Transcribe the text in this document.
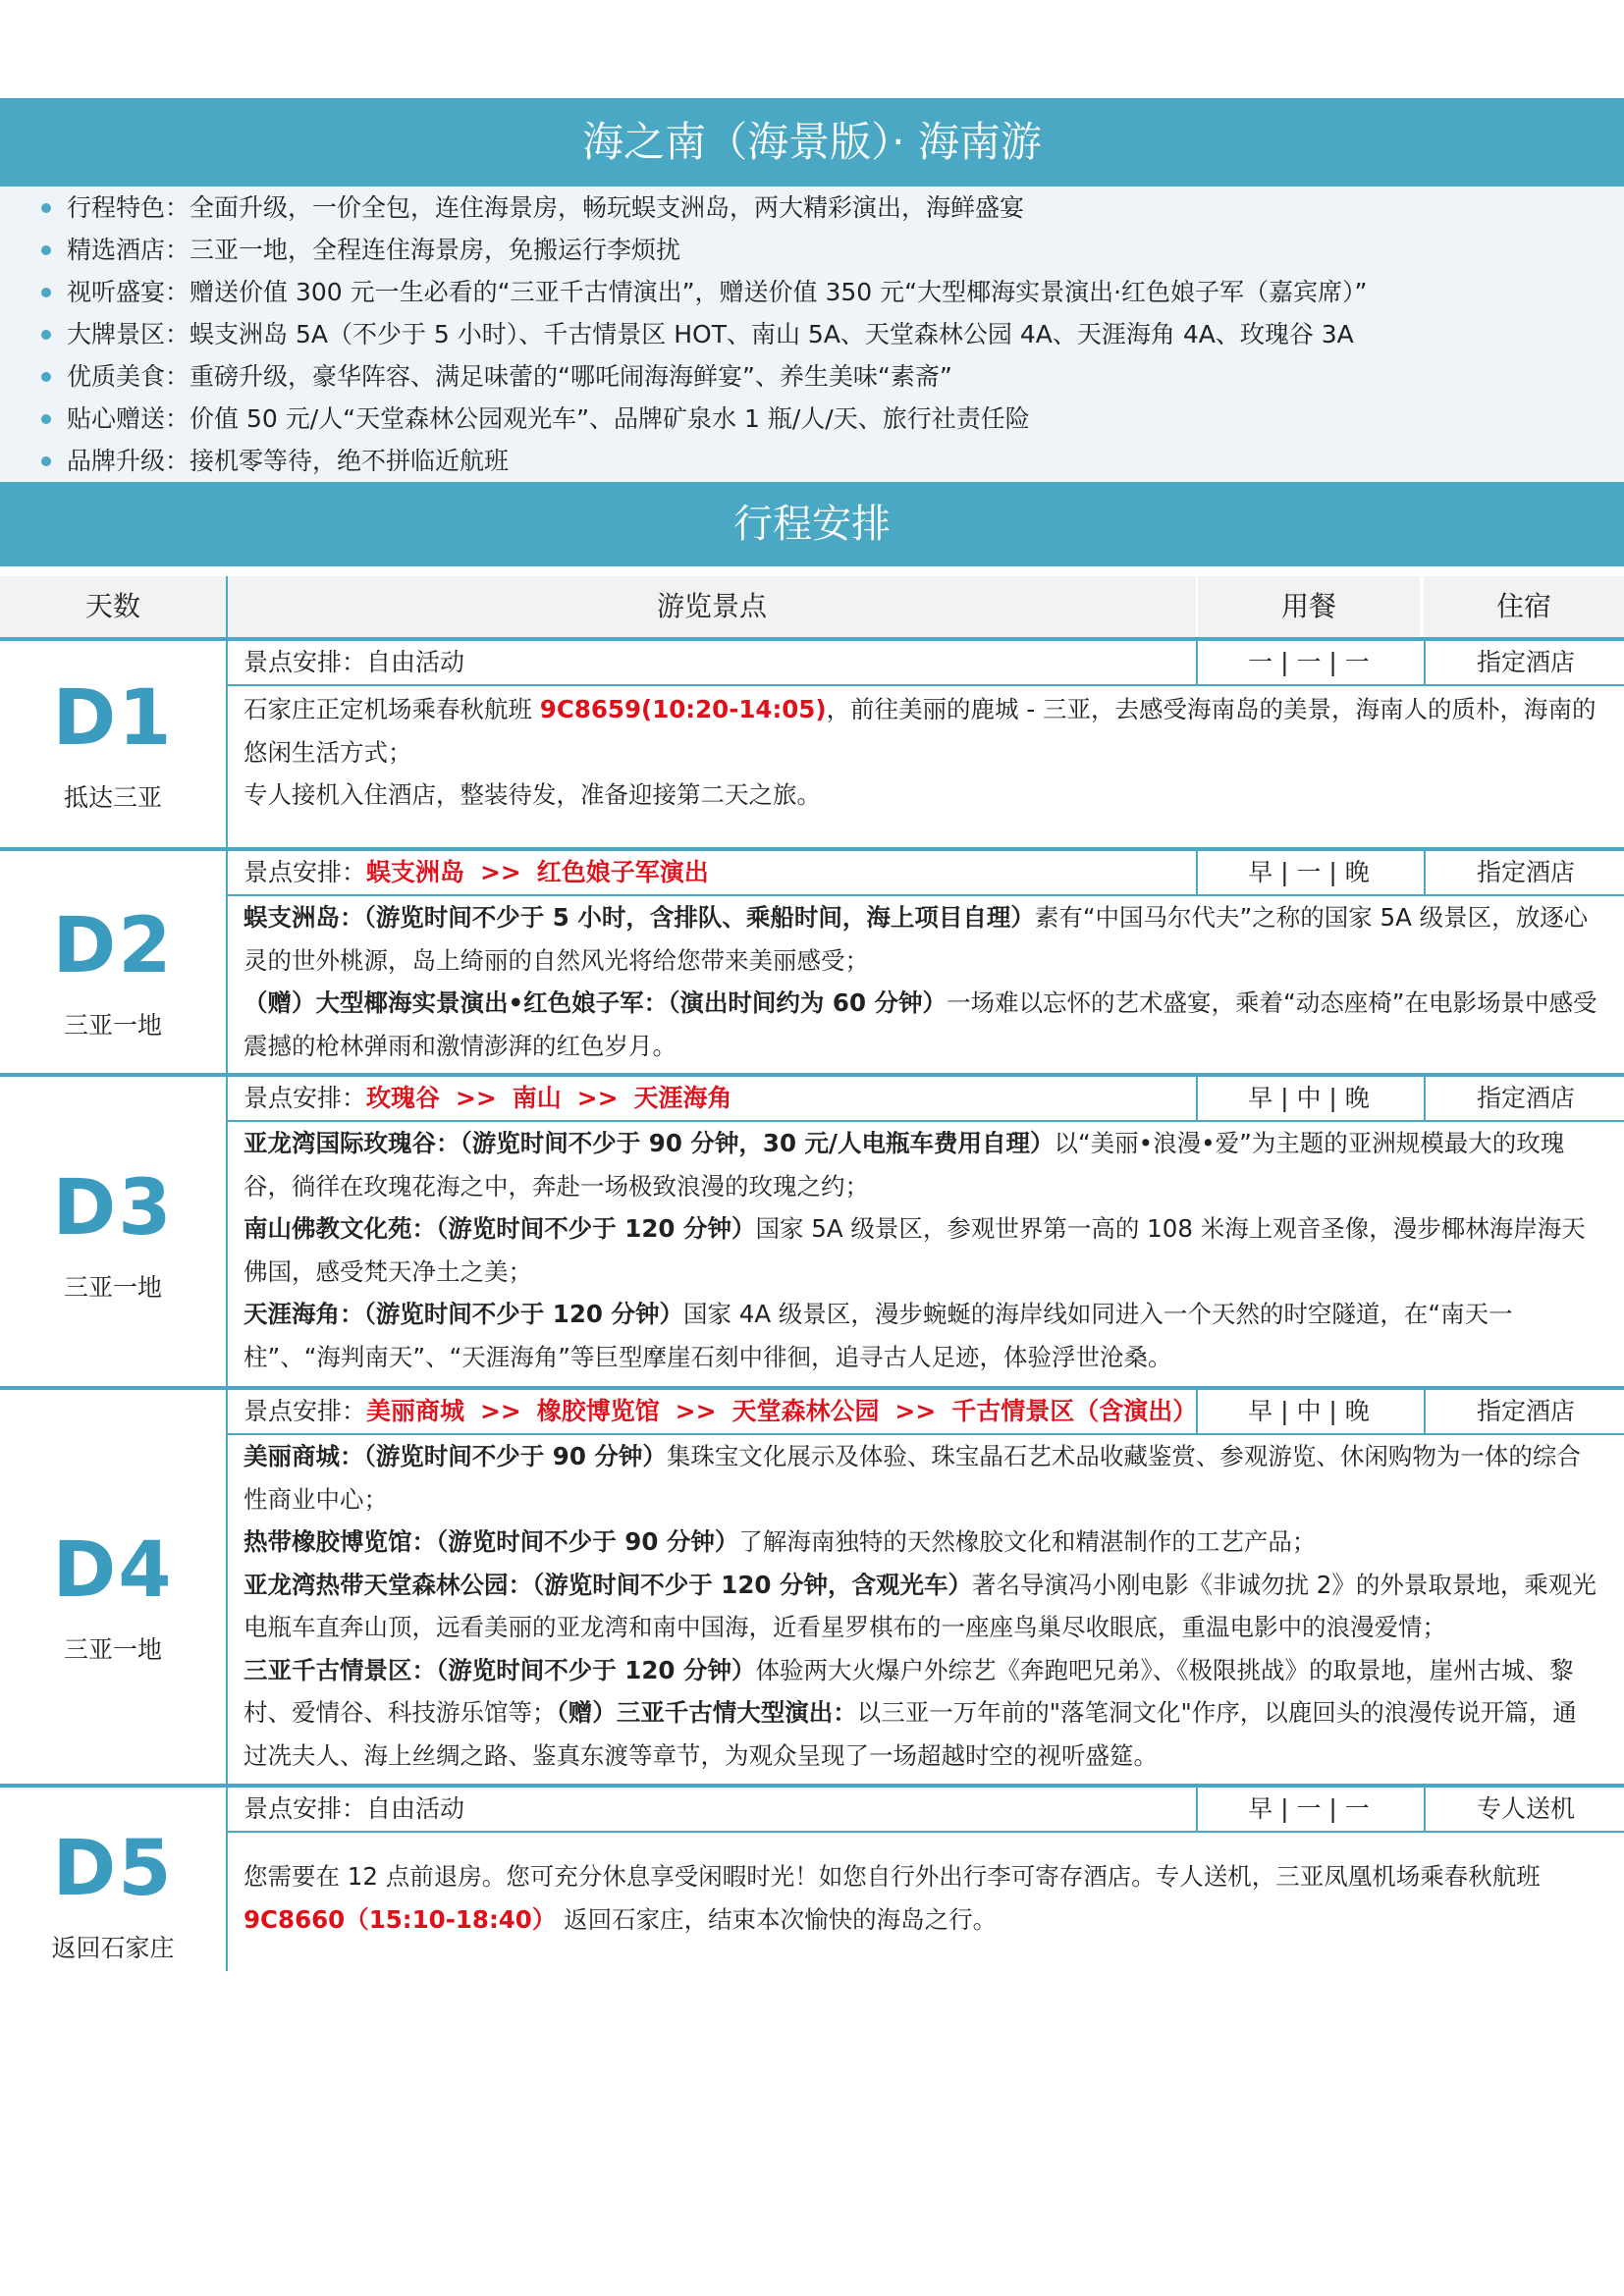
海之南（海景版）· 海南游
行程特色：全面升级，一价全包，连住海景房，畅玩蜈支洲岛，两大精彩演出，海鲜盛宴
精选酒店：三亚一地，全程连住海景房，免搬运行李烦扰
视听盛宴：赠送价值 300 元一生必看的“三亚千古情演出”，赠送价值 350 元“大型椰海实景演出·红色娘子军（嘉宾席）”
大牌景区：蜈支洲岛 5A（不少于 5 小时）、千古情景区 HOT、南山 5A、天堂森林公园 4A、天涯海角 4A、玫瑰谷 3A
优质美食：重磅升级，豪华阵容、满足味蕾的“哪吒闹海海鲜宴”、养生美味“素斋”
贴心赠送：价值 50 元/人“天堂森林公园观光车”、品牌矿泉水 1 瓶/人/天、旅行社责任险
品牌升级：接机零等待，绝不拼临近航班
行程安排
天数	游览景点	用餐	住宿
D1
抵达三亚
景点安排：自由活动	一 | 一 | 一	指定酒店

石家庄正定机场乘春秋航班 9C8659(10:20-14:05)，前往美丽的鹿城 - 三亚，去感受海南岛的美景，海南人的质朴，海南的悠闲生活方式；

专人接机入住酒店，整装待发，准备迎接第二天之旅。

D2
三亚一地
景点安排：蜈支洲岛 >> 红色娘子军演出	早 | 一 | 晚	指定酒店

蜈支洲岛：（游览时间不少于 5 小时，含排队、乘船时间，海上项目自理）素有“中国马尔代夫”之称的国家 5A 级景区，放逐心灵的世外桃源，岛上绮丽的自然风光将给您带来美丽感受；

（赠）大型椰海实景演出•红色娘子军：（演出时间约为 60 分钟）一场难以忘怀的艺术盛宴，乘着“动态座椅”在电影场景中感受震撼的枪林弹雨和激情澎湃的红色岁月。

D3
三亚一地
景点安排：玫瑰谷 >> 南山 >> 天涯海角	早 | 中 | 晚	指定酒店

亚龙湾国际玫瑰谷：（游览时间不少于 90 分钟，30 元/人电瓶车费用自理）以“美丽•浪漫•爱”为主题的亚洲规模最大的玫瑰谷，徜徉在玫瑰花海之中，奔赴一场极致浪漫的玫瑰之约；

南山佛教文化苑：（游览时间不少于 120 分钟）国家 5A 级景区，参观世界第一高的 108 米海上观音圣像，漫步椰林海岸海天佛国，感受梵天净土之美；

天涯海角：（游览时间不少于 120 分钟）国家 4A 级景区，漫步蜿蜒的海岸线如同进入一个天然的时空隧道，在“南天一柱”、“海判南天”、“天涯海角”等巨型摩崖石刻中徘徊，追寻古人足迹，体验浮世沧桑。

D4
三亚一地
景点安排：美丽商城 >> 橡胶博览馆 >> 天堂森林公园 >> 千古情景区（含演出）	早 | 中 | 晚	指定酒店

美丽商城：（游览时间不少于 90 分钟）集珠宝文化展示及体验、珠宝晶石艺术品收藏鉴赏、参观游览、休闲购物为一体的综合性商业中心；

热带橡胶博览馆：（游览时间不少于 90 分钟）了解海南独特的天然橡胶文化和精湛制作的工艺产品；

亚龙湾热带天堂森林公园：（游览时间不少于 120 分钟，含观光车）著名导演冯小刚电影《非诚勿扰 2》的外景取景地，乘观光电瓶车直奔山顶，远看美丽的亚龙湾和南中国海，近看星罗棋布的一座座鸟巢尽收眼底，重温电影中的浪漫爱情；

三亚千古情景区：（游览时间不少于 120 分钟）体验两大火爆户外综艺《奔跑吧兄弟》、《极限挑战》的取景地，崖州古城、黎村、爱情谷、科技游乐馆等；（赠）三亚千古情大型演出：以三亚一万年前的"落笔洞文化"作序，以鹿回头的浪漫传说开篇，通过冼夫人、海上丝绸之路、鉴真东渡等章节，为观众呈现了一场超越时空的视听盛筵。

D5
返回石家庄
景点安排：自由活动	早 | 一 | 一	专人送机

您需要在 12 点前退房。您可充分休息享受闲暇时光！如您自行外出行李可寄存酒店。专人送机，三亚凤凰机场乘春秋航班
9C8660（15:10-18:40） 返回石家庄，结束本次愉快的海岛之行。
